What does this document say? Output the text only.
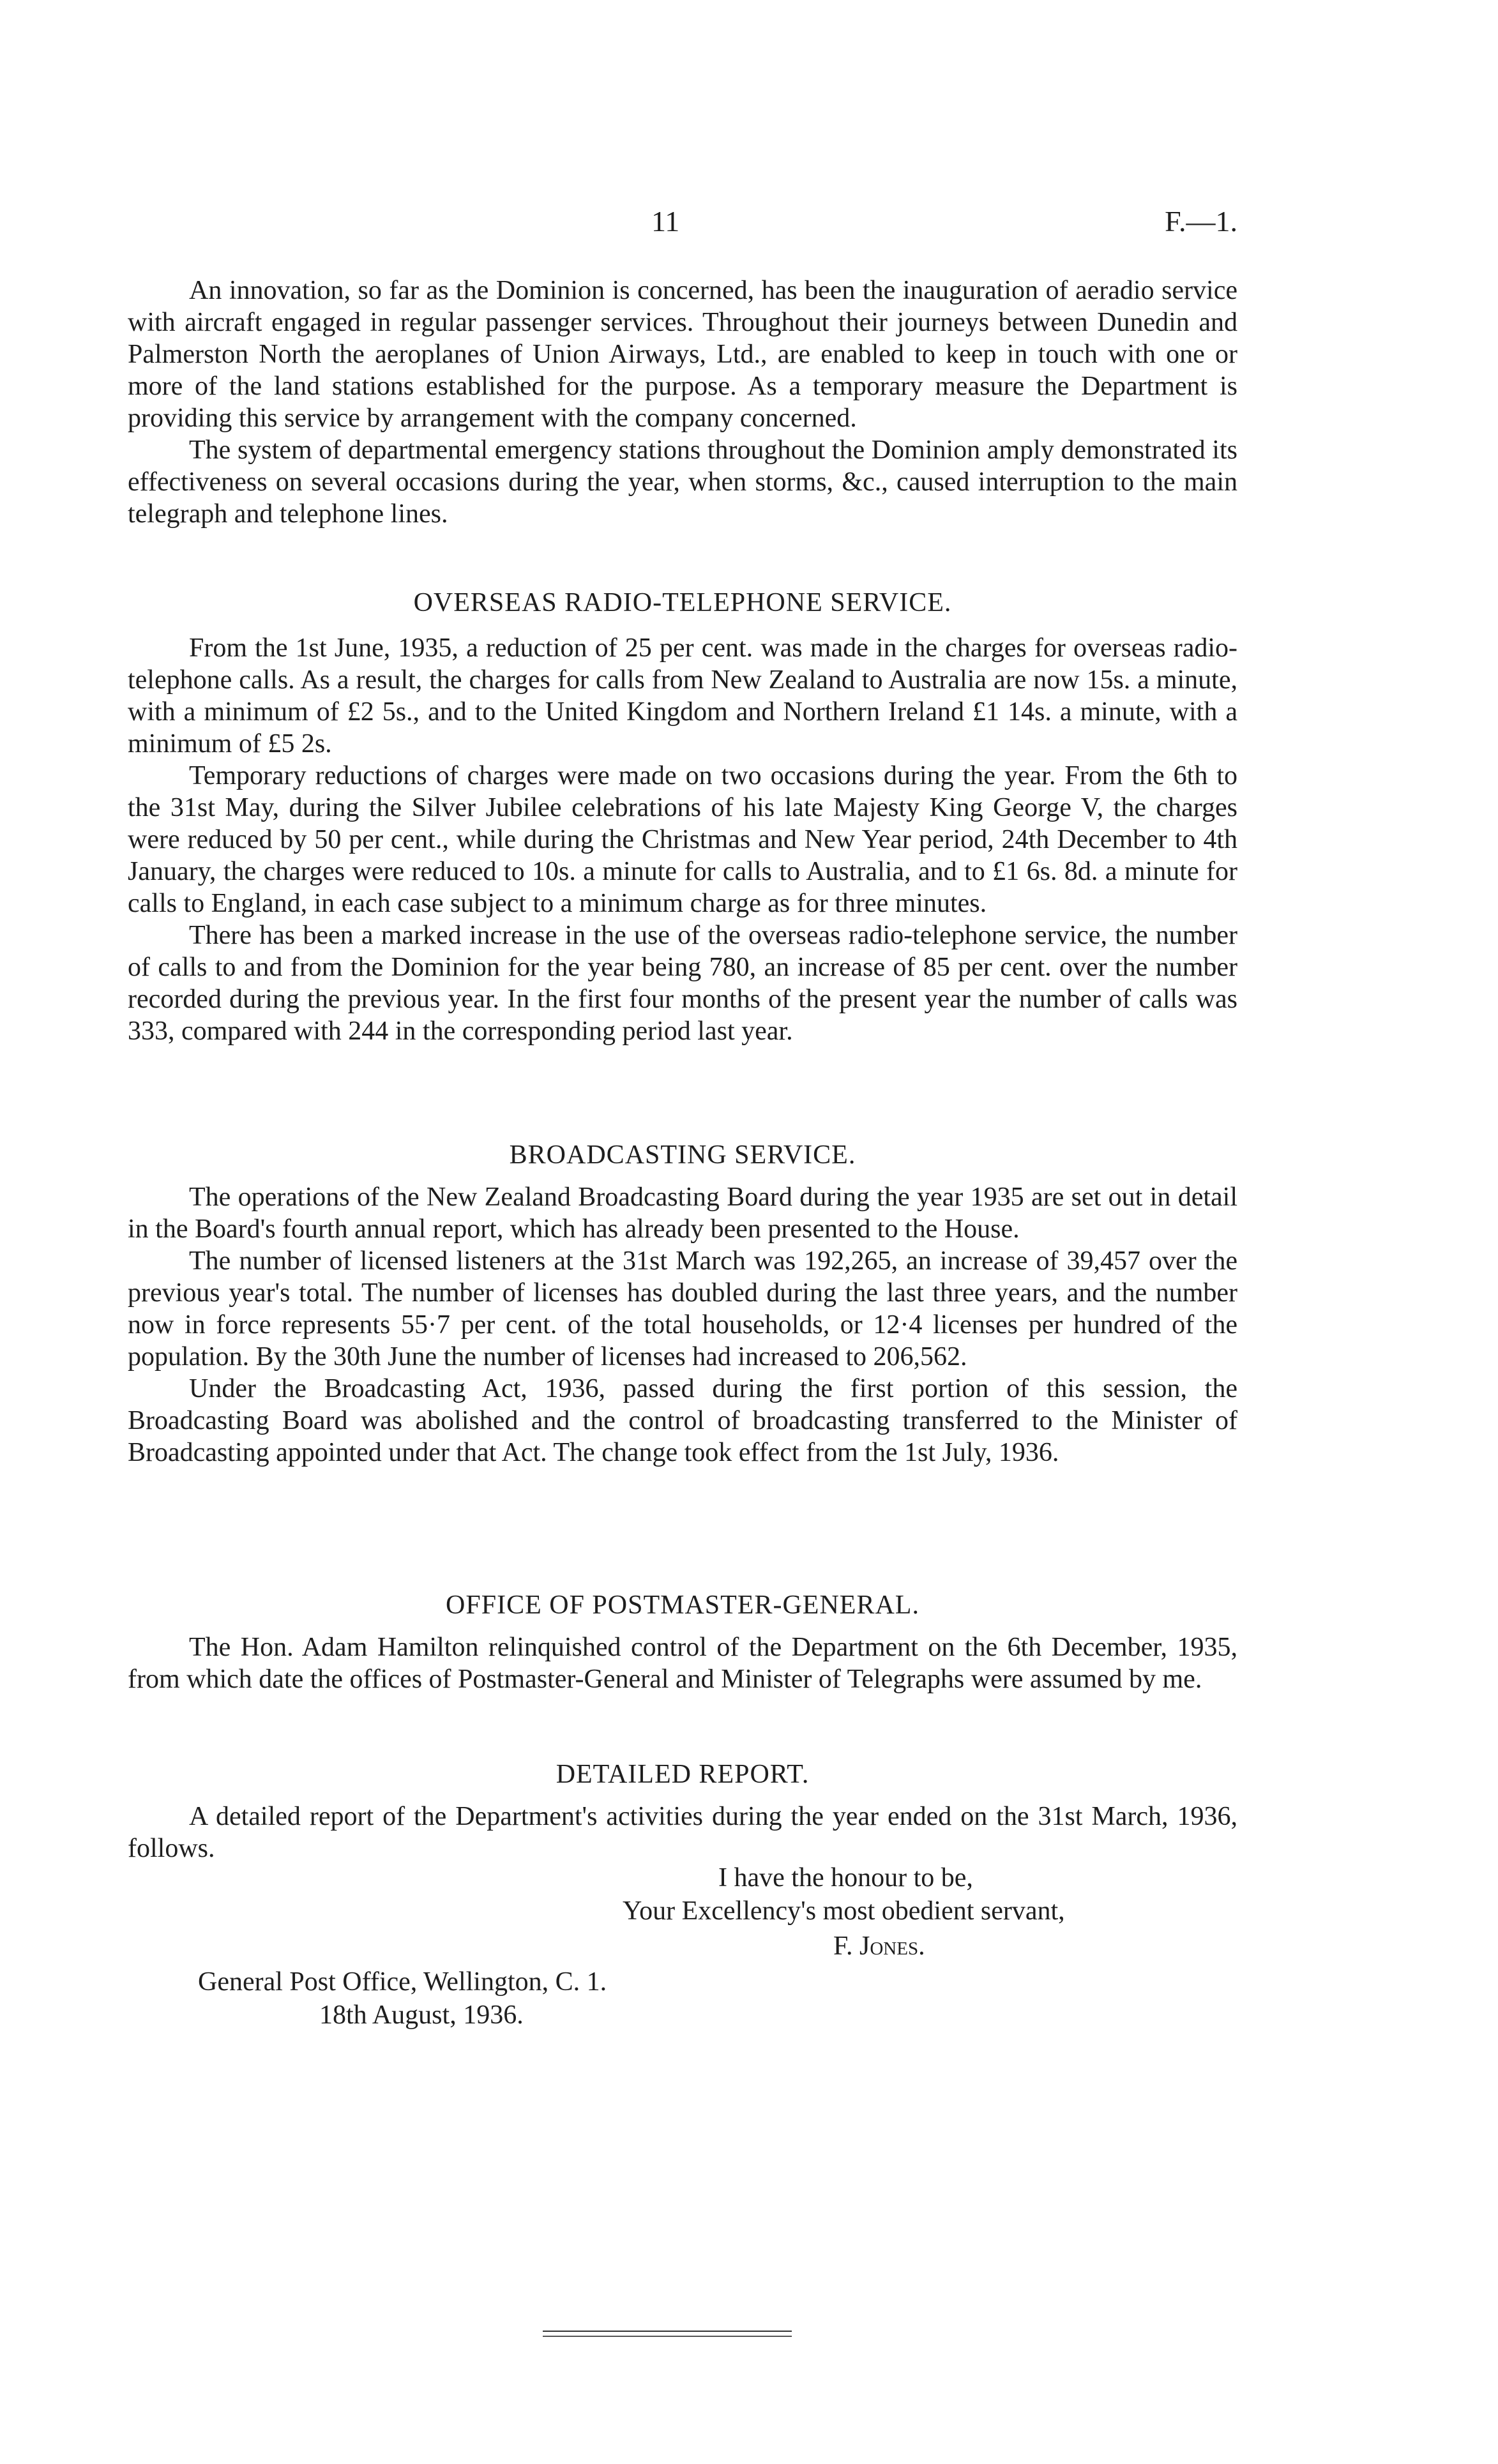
11	F.—1.

An innovation, so far as the Dominion is concerned, has been the inauguration of aeradio service with aircraft engaged in regular passenger services. Throughout their journeys between Dunedin and Palmerston North the aeroplanes of Union Airways, Ltd., are enabled to keep in touch with one or more of the land stations established for the purpose. As a temporary measure the Department is providing this service by arrangement with the company concerned.

The system of departmental emergency stations throughout the Dominion amply demonstrated its effectiveness on several occasions during the year, when storms, &c., caused interruption to the main telegraph and telephone lines.

OVERSEAS RADIO-TELEPHONE SERVICE.

From the 1st June, 1935, a reduction of 25 per cent. was made in the charges for overseas radio-telephone calls. As a result, the charges for calls from New Zealand to Australia are now 15s. a minute, with a minimum of £2 5s., and to the United Kingdom and Northern Ireland £1 14s. a minute, with a minimum of £5 2s.

Temporary reductions of charges were made on two occasions during the year. From the 6th to the 31st May, during the Silver Jubilee celebrations of his late Majesty King George V, the charges were reduced by 50 per cent., while during the Christmas and New Year period, 24th December to 4th January, the charges were reduced to 10s. a minute for calls to Australia, and to £1 6s. 8d. a minute for calls to England, in each case subject to a minimum charge as for three minutes.

There has been a marked increase in the use of the overseas radio-telephone service, the number of calls to and from the Dominion for the year being 780, an increase of 85 per cent. over the number recorded during the previous year. In the first four months of the present year the number of calls was 333, compared with 244 in the corresponding period last year.

BROADCASTING SERVICE.

The operations of the New Zealand Broadcasting Board during the year 1935 are set out in detail in the Board's fourth annual report, which has already been presented to the House.

The number of licensed listeners at the 31st March was 192,265, an increase of 39,457 over the previous year's total. The number of licenses has doubled during the last three years, and the number now in force represents 55·7 per cent. of the total households, or 12·4 licenses per hundred of the population. By the 30th June the number of licenses had increased to 206,562.

Under the Broadcasting Act, 1936, passed during the first portion of this session, the Broadcasting Board was abolished and the control of broadcasting transferred to the Minister of Broadcasting appointed under that Act. The change took effect from the 1st July, 1936.

OFFICE OF POSTMASTER-GENERAL.

The Hon. Adam Hamilton relinquished control of the Department on the 6th December, 1935, from which date the offices of Postmaster-General and Minister of Telegraphs were assumed by me.

DETAILED REPORT.

A detailed report of the Department's activities during the year ended on the 31st March, 1936, follows.

I have the honour to be,
Your Excellency's most obedient servant,
F. Jones.
General Post Office, Wellington, C. 1.
18th August, 1936.
